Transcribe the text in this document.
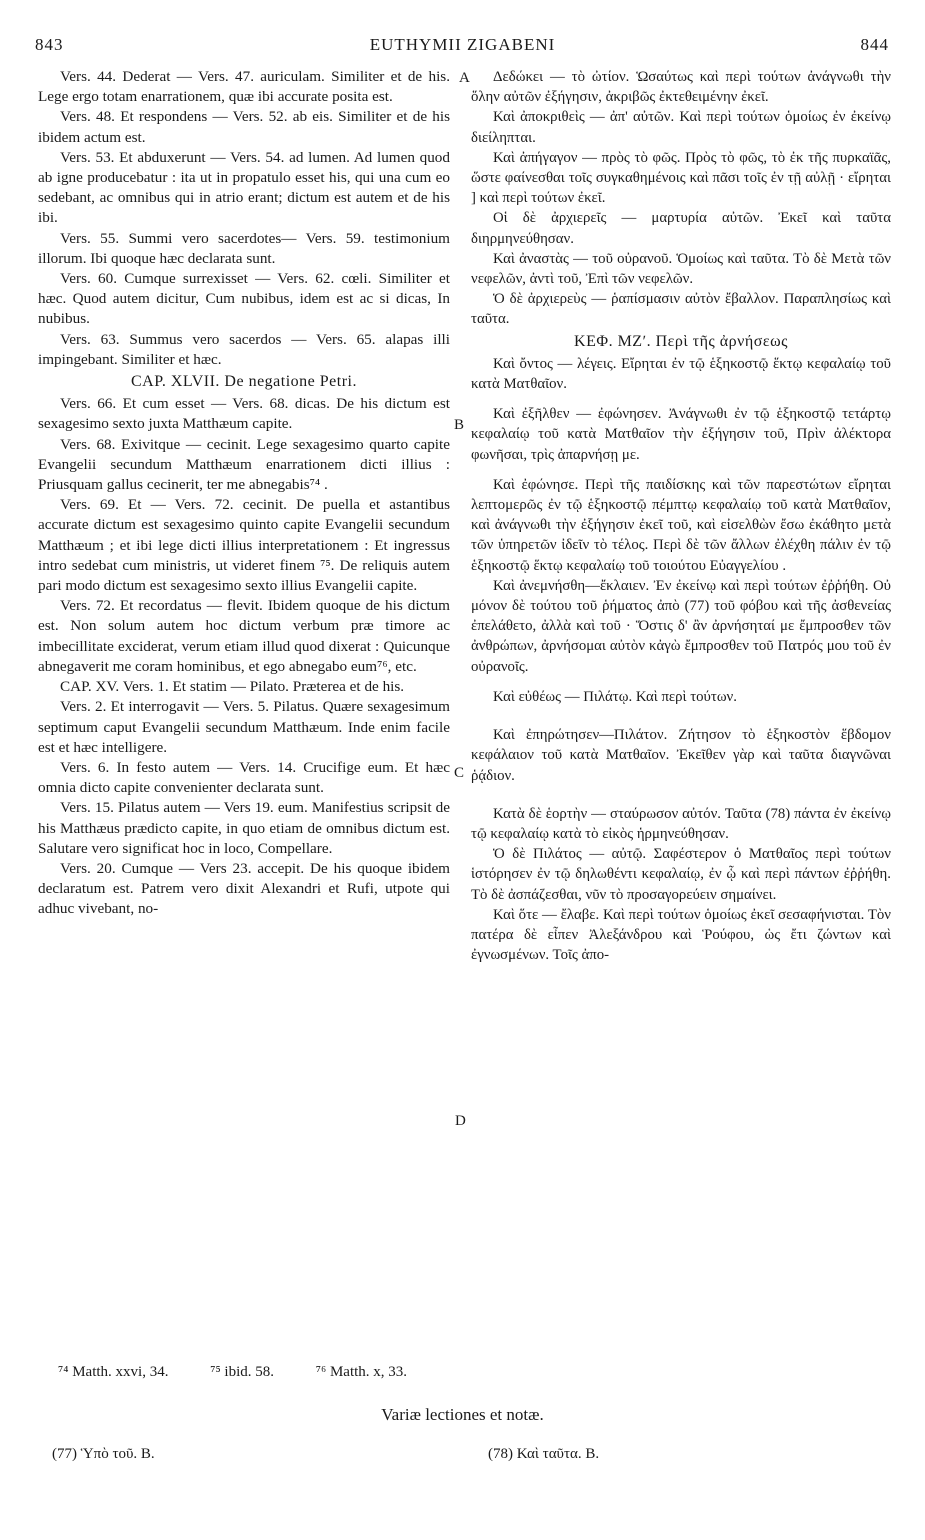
843	EUTHYMII ZIGABENI	844
A
B
C
D

Vers. 44. Dederat — Vers. 47. auriculam. Similiter et de his. Lege ergo totam enarrationem, quæ ibi accurate posita est.

Vers. 48. Et respondens — Vers. 52. ab eis. Similiter et de his ibidem actum est.

Vers. 53. Et abduxerunt — Vers. 54. ad lumen. Ad lumen quod ab igne producebatur : ita ut in propatulo esset his, qui una cum eo sedebant, ac omnibus qui in atrio erant; dictum est autem et de his ibi.

Vers. 55. Summi vero sacerdotes— Vers. 59. testimonium illorum. Ibi quoque hæc declarata sunt.

Vers. 60. Cumque surrexisset — Vers. 62. cœli. Similiter et hæc. Quod autem dicitur, Cum nubibus, idem est ac si dicas, In nubibus.

Vers. 63. Summus vero sacerdos — Vers. 65. alapas illi impingebant. Similiter et hæc.

CAP. XLVII. De negatione Petri.

Vers. 66. Et cum esset — Vers. 68. dicas. De his dictum est sexagesimo sexto juxta Matthæum capite.

Vers. 68. Exivitque — cecinit. Lege sexagesimo quarto capite Evangelii secundum Matthæum enarrationem dicti illius : Priusquam gallus cecinerit, ter me abnegabis⁷⁴ .

Vers. 69. Et — Vers. 72. cecinit. De puella et astantibus accurate dictum est sexagesimo quinto capite Evangelii secundum Matthæum ; et ibi lege dicti illius interpretationem : Et ingressus intro sedebat cum ministris, ut videret finem ⁷⁵. De reliquis autem pari modo dictum est sexagesimo sexto illius Evangelii capite.

Vers. 72. Et recordatus — flevit. Ibidem quoque de his dictum est. Non solum autem hoc dictum verbum præ timore ac imbecillitate exciderat, verum etiam illud quod dixerat : Quicunque abnegaverit me coram hominibus, et ego abnegabo eum⁷⁶, etc.

CAP. XV. Vers. 1. Et statim — Pilato. Præterea et de his.

Vers. 2. Et interrogavit — Vers. 5. Pilatus. Quære sexagesimum septimum caput Evangelii secundum Matthæum. Inde enim facile est et hæc intelligere.

Vers. 6. In festo autem — Vers. 14. Crucifige eum. Et hæc omnia dicto capite convenienter declarata sunt.

Vers. 15. Pilatus autem — Vers 19. eum. Manifestius scripsit de his Matthæus prædicto capite, in quo etiam de omnibus dictum est. Salutare vero significat hoc in loco, Compellare.

Vers. 20. Cumque — Vers 23. accepit. De his quoque ibidem declaratum est. Patrem vero dixit Alexandri et Rufi, utpote qui adhuc vivebant, no-

Δεδώκει — τὸ ὠτίον. Ὡσαύτως καὶ περὶ τούτων ἀνάγνωθι τὴν ὅλην αὐτῶν ἐξήγησιν, ἀκριβῶς ἐκτεθειμένην ἐκεῖ.

Καὶ ἀποκριθεὶς — ἀπ' αὐτῶν. Καὶ περὶ τούτων ὁμοίως ἐν ἐκείνῳ διείληπται.

Καὶ ἀπήγαγον — πρὸς τὸ φῶς. Πρὸς τὸ φῶς, τὸ ἐκ τῆς πυρκαϊᾶς, ὥστε φαίνεσθαι τοῖς συγκαθημένοις καὶ πᾶσι τοῖς ἐν τῇ αὐλῇ · εἴρηται ] καὶ περὶ τούτων ἐκεῖ.

Οἱ δὲ ἀρχιερεῖς — μαρτυρία αὐτῶν. Ἐκεῖ καὶ ταῦτα διηρμηνεύθησαν.

Καὶ ἀναστὰς — τοῦ οὐρανοῦ. Ὁμοίως καὶ ταῦτα. Τὸ δὲ Μετὰ τῶν νεφελῶν, ἀντὶ τοῦ, Ἐπὶ τῶν νεφελῶν.

Ὁ δὲ ἀρχιερεὺς — ῥαπίσμασιν αὐτὸν ἔβαλλον. Παραπλησίως καὶ ταῦτα.

ΚΕΦ. ΜΖʹ. Περὶ τῆς ἀρνήσεως

Καὶ ὄντος — λέγεις. Εἴρηται ἐν τῷ ἑξηκοστῷ ἕκτῳ κεφαλαίῳ τοῦ κατὰ Ματθαῖον.

Καὶ ἐξῆλθεν — ἐφώνησεν. Ἀνάγνωθι ἐν τῷ ἑξηκοστῷ τετάρτῳ κεφαλαίῳ τοῦ κατὰ Ματθαῖον τὴν ἐξήγησιν τοῦ, Πρὶν ἀλέκτορα φωνῆσαι, τρὶς ἀπαρνήσῃ με.

Καὶ ἐφώνησε. Περὶ τῆς παιδίσκης καὶ τῶν παρεστώτων εἴρηται λεπτομερῶς ἐν τῷ ἑξηκοστῷ πέμπτῳ κεφαλαίῳ τοῦ κατὰ Ματθαῖον, καὶ ἀνάγνωθι τὴν ἐξήγησιν ἐκεῖ τοῦ, καὶ εἰσελθὼν ἔσω ἐκάθητο μετὰ τῶν ὑπηρετῶν ἰδεῖν τὸ τέλος. Περὶ δὲ τῶν ἄλλων ἐλέχθη πάλιν ἐν τῷ ἑξηκοστῷ ἕκτῳ κεφαλαίῳ τοῦ τοιούτου Εὐαγγελίου .

Καὶ ἀνεμνήσθη—ἔκλαιεν. Ἐν ἐκείνῳ καὶ περὶ τούτων ἐῤῥήθη. Οὐ μόνον δὲ τούτου τοῦ ῥήματος ἀπὸ (77) τοῦ φόβου καὶ τῆς ἀσθενείας ἐπελάθετο, ἀλλὰ καὶ τοῦ · Ὅστις δ' ἂν ἀρνήσηταί με ἔμπροσθεν τῶν ἀνθρώπων, ἀρνήσομαι αὐτὸν κἀγὼ ἔμπροσθεν τοῦ Πατρός μου τοῦ ἐν οὐρανοῖς.

Καὶ εὐθέως — Πιλάτῳ. Καὶ περὶ τούτων.

Καὶ ἐπηρώτησεν—Πιλάτον. Ζήτησον τὸ ἑξηκοστὸν ἕβδομον κεφάλαιον τοῦ κατὰ Ματθαῖον. Ἐκεῖθεν γὰρ καὶ ταῦτα διαγνῶναι ῥᾴδιον.

Κατὰ δὲ ἑορτὴν — σταύρωσον αὐτόν. Ταῦτα (78) πάντα ἐν ἐκείνῳ τῷ κεφαλαίῳ κατὰ τὸ εἰκὸς ἡρμηνεύθησαν.

Ὁ δὲ Πιλάτος — αὐτῷ. Σαφέστερον ὁ Ματθαῖος περὶ τούτων ἱστόρησεν ἐν τῷ δηλωθέντι κεφαλαίῳ, ἐν ᾧ καὶ περὶ πάντων ἐῤῥήθη. Τὸ δὲ ἀσπάζεσθαι, νῦν τὸ προσαγορεύειν σημαίνει.

Καὶ ὅτε — ἔλαβε. Καὶ περὶ τούτων ὁμοίως ἐκεῖ σεσαφήνισται. Τὸν πατέρα δὲ εἶπεν Ἀλεξάνδρου καὶ Ῥούφου, ὡς ἔτι ζώντων καὶ ἐγνωσμένων. Τοῖς ἀπο-

⁷⁴ Matth. xxvi, 34.	⁷⁵ ibid. 58.	⁷⁶ Matth. x, 33.
Variæ lectiones et notæ.
(77) Ὑπὸ τοῦ. B.	(78) Καὶ ταῦτα. B.
